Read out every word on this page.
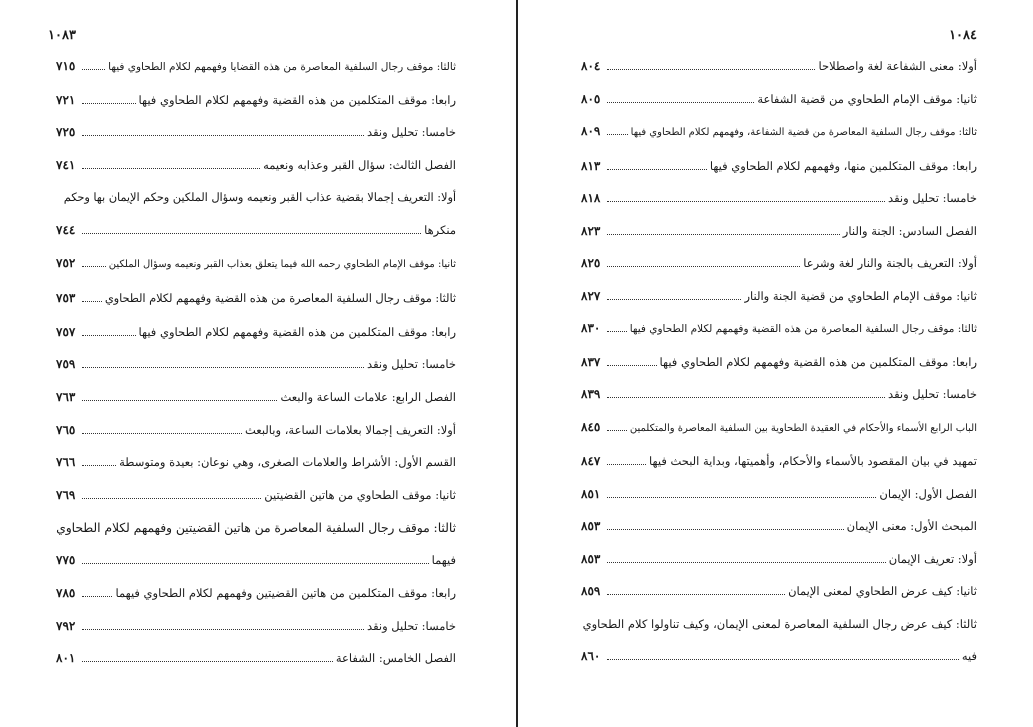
١٠٨٣
ثالثا: موقف رجال السلفية المعاصرة من هذه القضايا وفهمهم لكلام الطحاوي فيها
٧١٥
رابعا: موقف المتكلمين من هذه القضية وفهمهم لكلام الطحاوي فيها
٧٢١
خامسا: تحليل ونقد
٧٢٥
الفصل الثالث: سؤال القبر وعذابه ونعيمه
٧٤١
أولا: التعريف إجمالا بقضية عذاب القبر ونعيمه وسؤال الملكين وحكم الإيمان بها وحكم
منكرها
٧٤٤
ثانيا: موقف الإمام الطحاوي رحمه الله فيما يتعلق بعذاب القبر ونعيمه وسؤال الملكين
٧٥٢
ثالثا: موقف رجال السلفية المعاصرة من هذه القضية وفهمهم لكلام الطحاوي
٧٥٣
رابعا: موقف المتكلمين من هذه القضية وفهمهم لكلام الطحاوي فيها
٧٥٧
خامسا: تحليل ونقد
٧٥٩
الفصل الرابع: علامات الساعة والبعث
٧٦٣
أولا: التعريف إجمالا بعلامات الساعة، وبالبعث
٧٦٥
القسم الأول: الأشراط والعلامات الصغرى، وهي نوعان: بعيدة ومتوسطة
٧٦٦
ثانيا: موقف الطحاوي من هاتين القضيتين
٧٦٩
ثالثا: موقف رجال السلفية المعاصرة من هاتين القضيتين وفهمهم لكلام الطحاوي
فيهما
٧٧٥
رابعا: موقف المتكلمين من هاتين القضيتين وفهمهم لكلام الطحاوي فيهما
٧٨٥
خامسا: تحليل ونقد
٧٩٢
الفصل الخامس: الشفاعة
٨٠١
١٠٨٤
أولا: معنى الشفاعة لغة واصطلاحا
٨٠٤
ثانيا: موقف الإمام الطحاوي من قضية الشفاعة
٨٠٥
ثالثا: موقف رجال السلفية المعاصرة من قضية الشفاعة، وفهمهم لكلام الطحاوي فيها
٨٠٩
رابعا: موقف المتكلمين منها، وفهمهم لكلام الطحاوي فيها
٨١٣
خامسا: تحليل ونقد
٨١٨
الفصل السادس: الجنة والنار
٨٢٣
أولا: التعريف بالجنة والنار لغة وشرعا
٨٢٥
ثانيا: موقف الإمام الطحاوي من قضية الجنة والنار
٨٢٧
ثالثا: موقف رجال السلفية المعاصرة من هذه القضية وفهمهم لكلام الطحاوي فيها
٨٣٠
رابعا: موقف المتكلمين من هذه القضية وفهمهم لكلام الطحاوي فيها
٨٣٧
خامسا: تحليل ونقد
٨٣٩
الباب الرابع الأسماء والأحكام في العقيدة الطحاوية بين السلفية المعاصرة والمتكلمين
٨٤٥
تمهيد في بيان المقصود بالأسماء والأحكام، وأهميتها، وبداية البحث فيها
٨٤٧
الفصل الأول: الإيمان
٨٥١
المبحث الأول: معنى الإيمان
٨٥٣
أولا: تعريف الإيمان
٨٥٣
ثانيا: كيف عرض الطحاوي لمعنى الإيمان
٨٥٩
ثالثا: كيف عرض رجال السلفية المعاصرة لمعنى الإيمان، وكيف تناولوا كلام الطحاوي
فيه
٨٦٠
